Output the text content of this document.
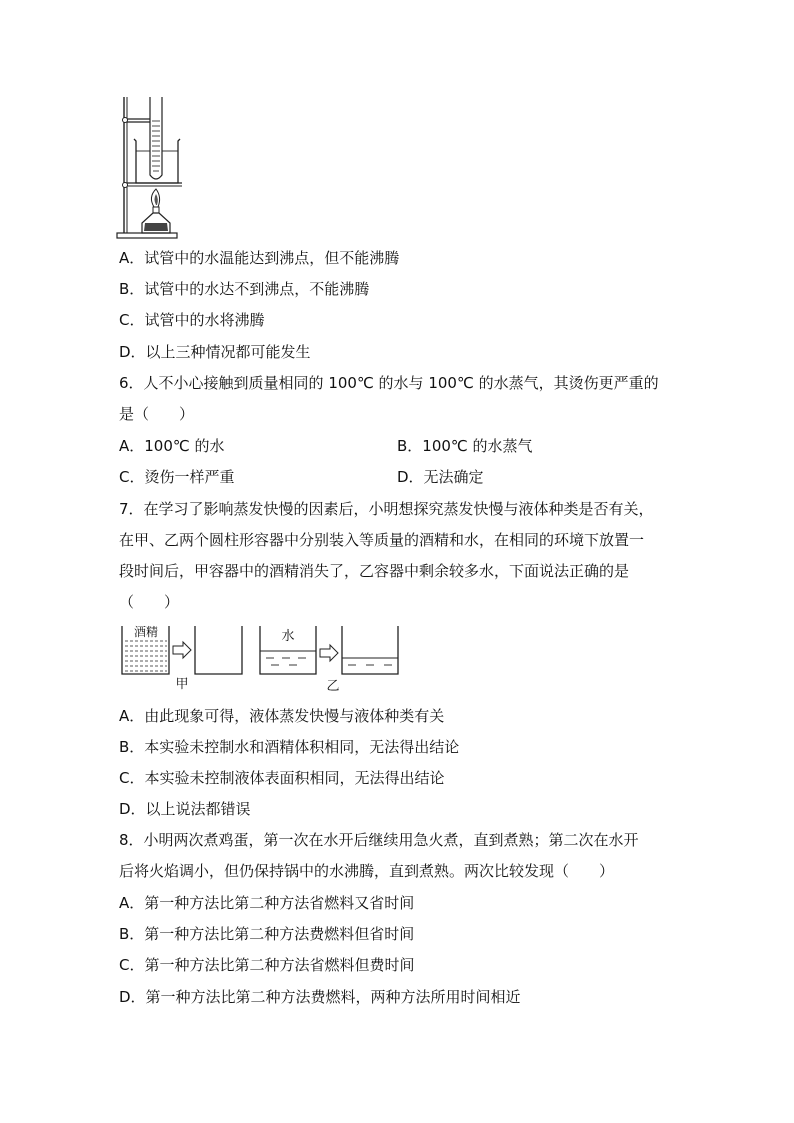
A．试管中的水温能达到沸点，但不能沸腾
B．试管中的水达不到沸点，不能沸腾
C．试管中的水将沸腾
D．以上三种情况都可能发生
6．人不小心接触到质量相同的 100℃ 的水与 100℃ 的水蒸气，其烫伤更严重的
是（　　）
A．100℃ 的水	B．100℃ 的水蒸气
C．烫伤一样严重	D．无法确定
7．在学习了影响蒸发快慢的因素后，小明想探究蒸发快慢与液体种类是否有关，
在甲、乙两个圆柱形容器中分别装入等质量的酒精和水，在相同的环境下放置一
段时间后，甲容器中的酒精消失了，乙容器中剩余较多水，下面说法正确的是
（　　）
酒精
甲
水
乙
A．由此现象可得，液体蒸发快慢与液体种类有关
B．本实验未控制水和酒精体积相同，无法得出结论
C．本实验未控制液体表面积相同，无法得出结论
D．以上说法都错误
8．小明两次煮鸡蛋，第一次在水开后继续用急火煮，直到煮熟；第二次在水开
后将火焰调小，但仍保持锅中的水沸腾，直到煮熟。两次比较发现（　　）
A．第一种方法比第二种方法省燃料又省时间
B．第一种方法比第二种方法费燃料但省时间
C．第一种方法比第二种方法省燃料但费时间
D．第一种方法比第二种方法费燃料，两种方法所用时间相近
